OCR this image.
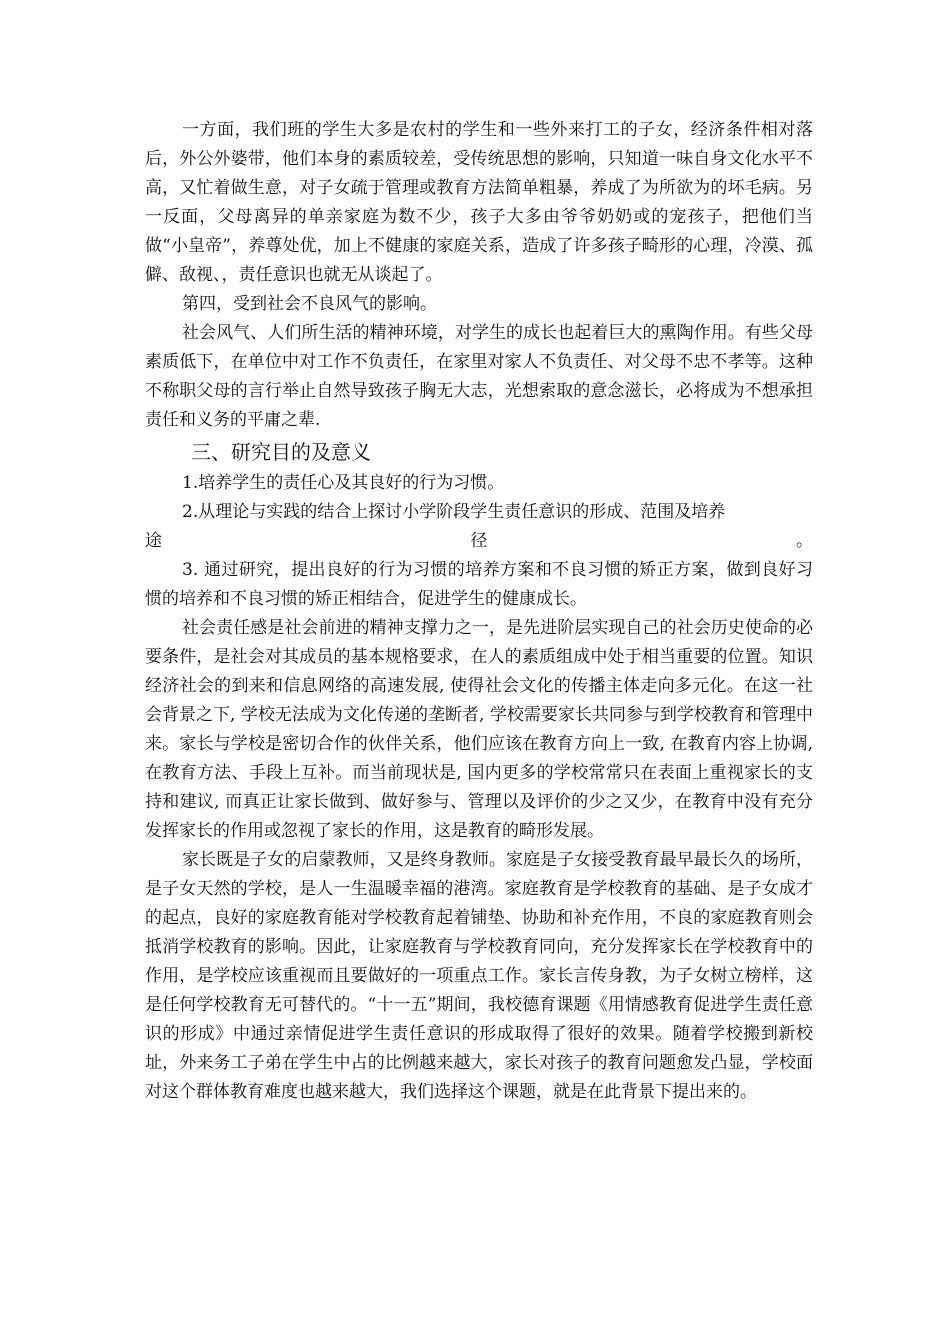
一方面，我们班的学生大多是农村的学生和一些外来打工的子女，经济条件相对落后，外公外婆带，他们本身的素质较差，受传统思想的影响，只知道一味自身文化水平不高，又忙着做生意，对子女疏于管理或教育方法简单粗暴，养成了为所欲为的坏毛病。另一反面，父母离异的单亲家庭为数不少，孩子大多由爷爷奶奶或的宠孩子，把他们当做“小皇帝”，养尊处优，加上不健康的家庭关系，造成了许多孩子畸形的心理，冷漠、孤僻、敌视、，责任意识也就无从谈起了。

第四，受到社会不良风气的影响。

社会风气、人们所生活的精神环境，对学生的成长也起着巨大的熏陶作用。有些父母素质低下，在单位中对工作不负责任，在家里对家人不负责任、对父母不忠不孝等。这种不称职父母的言行举止自然导致孩子胸无大志，光想索取的意念滋长，必将成为不想承担责任和义务的平庸之辈.

三、研究目的及意义

1.培养学生的责任心及其良好的行为习惯。

2.从理论与实践的结合上探讨小学阶段学生责任意识的形成、范围及培养

途 径 。

3. 通过研究，提出良好的行为习惯的培养方案和不良习惯的矫正方案，做到良好习惯的培养和不良习惯的矫正相结合，促进学生的健康成长。

社会责任感是社会前进的精神支撑力之一，是先进阶层实现自己的社会历史使命的必要条件，是社会对其成员的基本规格要求，在人的素质组成中处于相当重要的位置。知识经济社会的到来和信息网络的高速发展, 使得社会文化的传播主体走向多元化。在这一社会背景之下, 学校无法成为文化传递的垄断者, 学校需要家长共同参与到学校教育和管理中来。家长与学校是密切合作的伙伴关系，他们应该在教育方向上一致, 在教育内容上协调, 在教育方法、手段上互补。而当前现状是, 国内更多的学校常常只在表面上重视家长的支持和建议, 而真正让家长做到、做好参与、管理以及评价的少之又少，在教育中没有充分发挥家长的作用或忽视了家长的作用，这是教育的畸形发展。

家长既是子女的启蒙教师，又是终身教师。家庭是子女接受教育最早最长久的场所，是子女天然的学校，是人一生温暖幸福的港湾。家庭教育是学校教育的基础、是子女成才的起点，良好的家庭教育能对学校教育起着铺垫、协助和补充作用，不良的家庭教育则会抵消学校教育的影响。因此，让家庭教育与学校教育同向，充分发挥家长在学校教育中的作用，是学校应该重视而且要做好的一项重点工作。家长言传身教，为子女树立榜样，这是任何学校教育无可替代的。“十一五”期间，我校德育课题《用情感教育促进学生责任意识的形成》中通过亲情促进学生责任意识的形成取得了很好的效果。随着学校搬到新校址，外来务工子弟在学生中占的比例越来越大，家长对孩子的教育问题愈发凸显，学校面对这个群体教育难度也越来越大，我们选择这个课题，就是在此背景下提出来的。
